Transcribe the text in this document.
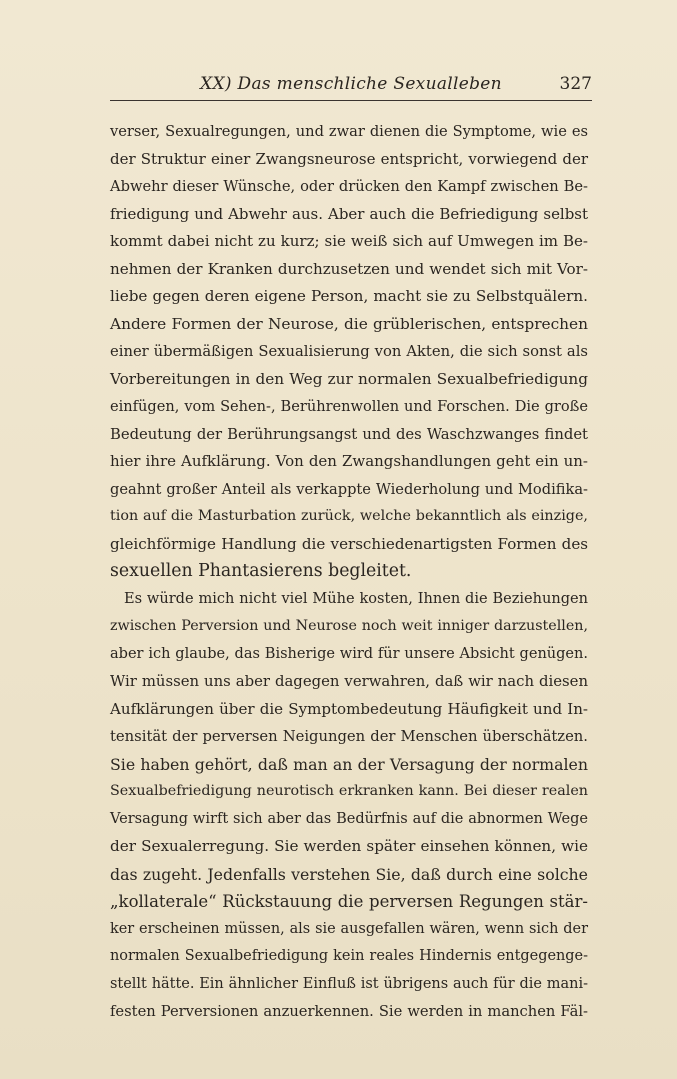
XX) Das menschliche Sexualleben	327
verser, Sexualregungen, und zwar dienen die Symptome, wie es
der Struktur einer Zwangsneurose entspricht, vorwiegend der
Abwehr dieser Wünsche, oder drücken den Kampf zwischen Be-
friedigung und Abwehr aus. Aber auch die Befriedigung selbst
kommt dabei nicht zu kurz; sie weiß sich auf Umwegen im Be-
nehmen der Kranken durchzusetzen und wendet sich mit Vor-
liebe gegen deren eigene Person, macht sie zu Selbstquälern.
Andere Formen der Neurose, die grüblerischen, entsprechen
einer übermäßigen Sexualisierung von Akten, die sich sonst als
Vorbereitungen in den Weg zur normalen Sexualbefriedigung
einfügen, vom Sehen-, Berührenwollen und Forschen. Die große
Bedeutung der Berührungsangst und des Waschzwanges findet
hier ihre Aufklärung. Von den Zwangshandlungen geht ein un-
geahnt großer Anteil als verkappte Wiederholung und Modifika-
tion auf die Masturbation zurück, welche bekanntlich als einzige,
gleichförmige Handlung die verschiedenartigsten Formen des
sexuellen Phantasierens begleitet.
Es würde mich nicht viel Mühe kosten, Ihnen die Beziehungen
zwischen Perversion und Neurose noch weit inniger darzustellen,
aber ich glaube, das Bisherige wird für unsere Absicht genügen.
Wir müssen uns aber dagegen verwahren, daß wir nach diesen
Aufklärungen über die Symptombedeutung Häufigkeit und In-
tensität der perversen Neigungen der Menschen überschätzen.
Sie haben gehört, daß man an der Versagung der normalen
Sexualbefriedigung neurotisch erkranken kann. Bei dieser realen
Versagung wirft sich aber das Bedürfnis auf die abnormen Wege
der Sexualerregung. Sie werden später einsehen können, wie
das zugeht. Jedenfalls verstehen Sie, daß durch eine solche
„kollaterale“ Rückstauung die perversen Regungen stär-
ker erscheinen müssen, als sie ausgefallen wären, wenn sich der
normalen Sexualbefriedigung kein reales Hindernis entgegenge-
stellt hätte. Ein ähnlicher Einfluß ist übrigens auch für die mani-
festen Perversionen anzuerkennen. Sie werden in manchen Fäl-
